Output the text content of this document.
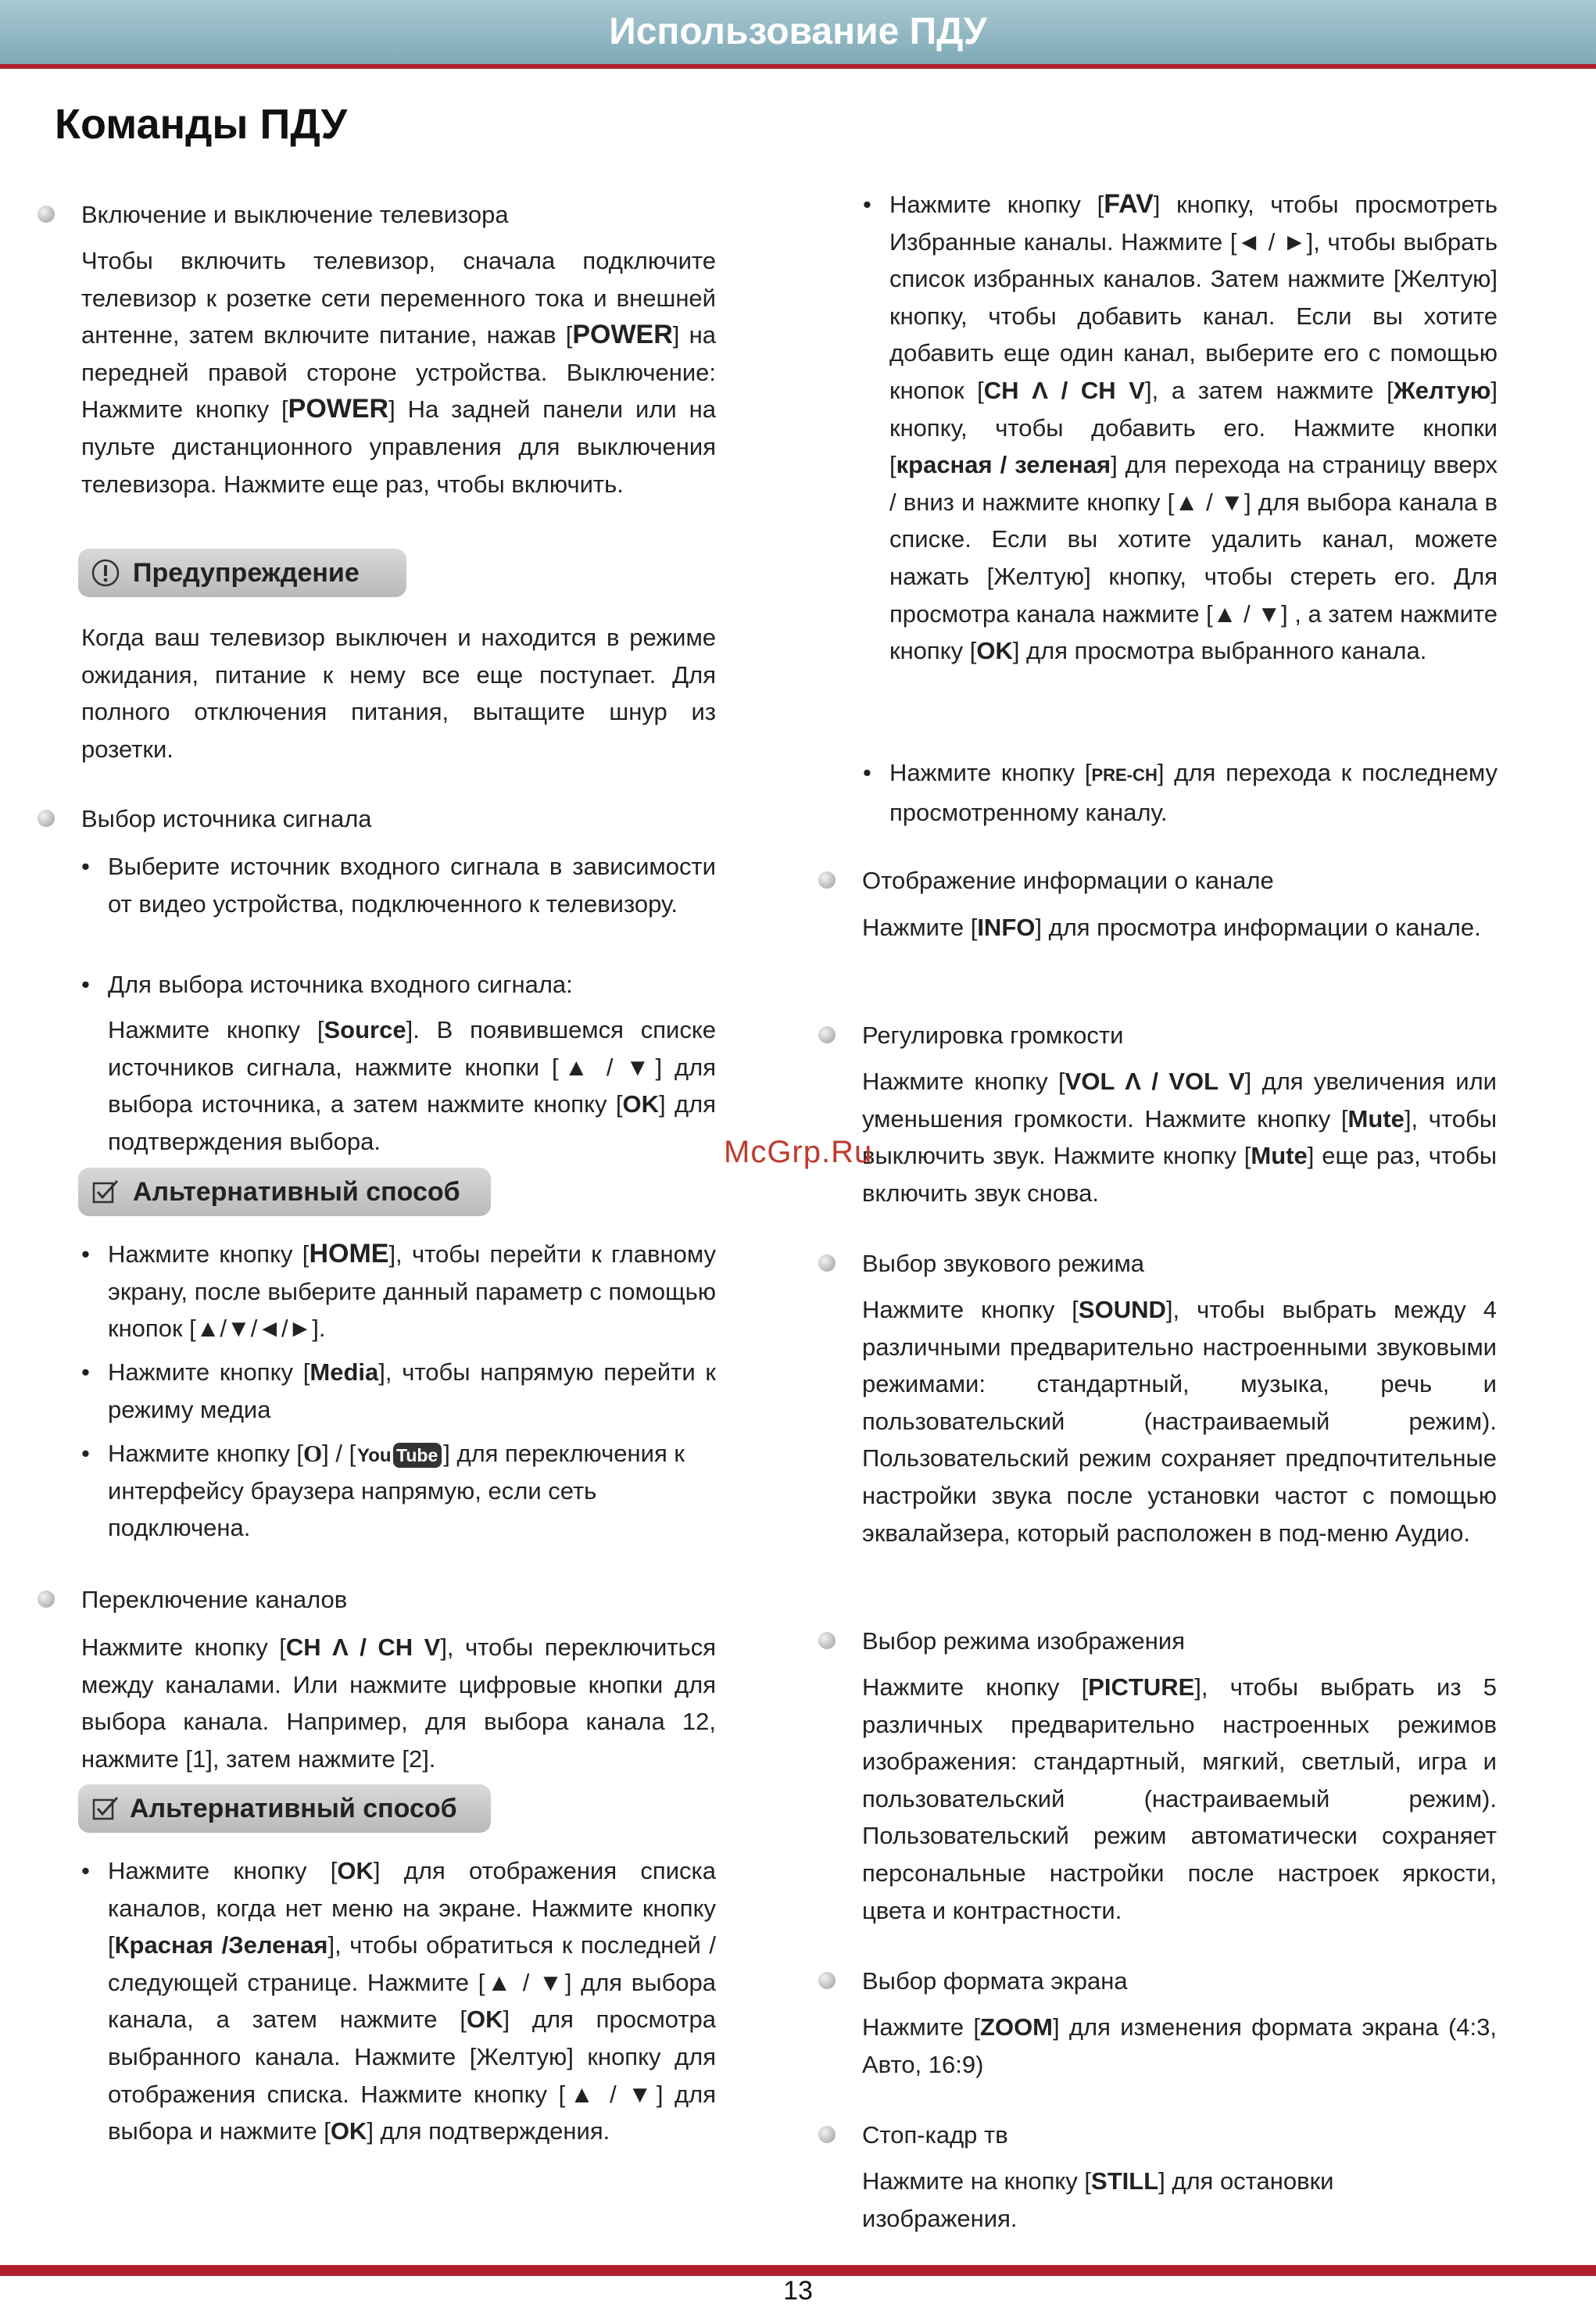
Использование ПДУ
Команды ПДУ
Включение и выключение телевизора
Чтобы включить телевизор, сначала подключите телевизор к розетке сети переменного тока и внешней антенне, затем включите питание, нажав [POWER] на передней правой стороне устройства. Выключение: Нажмите кнопку [POWER] На задней панели или на пульте дистанционного управления для выключения телевизора. Нажмите еще раз, чтобы включить.
Предупреждение
Когда ваш телевизор выключен и находится в режиме ожидания, питание к нему все еще поступает. Для полного отключения питания, вытащите шнур из розетки.
Выбор источника сигнала
• Выберите источник входного сигнала в зависимости от видео устройства, подключенного к телевизору.
• Для выбора источника входного сигнала:
Нажмите кнопку [Source]. В появившемся списке источников сигнала, нажмите кнопки [▲ / ▼] для выбора источника, а затем нажмите кнопку [OK] для подтверждения выбора.
Альтернативный способ
• Нажмите кнопку [HOME], чтобы перейти к главному экрану, после выберите данный параметр с помощью кнопок [▲/▼/◄/►].
• Нажмите кнопку [Media], чтобы напрямую перейти к режиму медиа
• Нажмите кнопку [O] / [ You Tube ] для переключения к интерфейсу браузера напрямую, если сеть подключена.
Переключение каналов
Нажмите кнопку [CH Λ / CH V], чтобы переключиться между каналами. Или нажмите цифровые кнопки для выбора канала. Например, для выбора канала 12, нажмите [1], затем нажмите [2].
Альтернативный способ
• Нажмите кнопку [OK] для отображения списка каналов, когда нет меню на экране. Нажмите кнопку [Красная /Зеленая], чтобы обратиться к последней / следующей странице. Нажмите [▲ / ▼] для выбора канала, а затем нажмите [OK] для просмотра выбранного канала. Нажмите [Желтую] кнопку для отображения списка. Нажмите кнопку [▲ / ▼] для выбора и нажмите [OK] для подтверждения.
• Нажмите кнопку [FAV] кнопку, чтобы просмотреть Избранные каналы. Нажмите [◄ / ►], чтобы выбрать список избранных каналов. Затем нажмите [Желтую] кнопку, чтобы добавить канал. Если вы хотите добавить еще один канал, выберите его с помощью кнопок [CH Λ / CH V], а затем нажмите [Желтую] кнопку, чтобы добавить его. Нажмите кнопки [красная / зеленая] для перехода на страницу вверх / вниз и нажмите кнопку [▲ / ▼] для выбора канала в списке. Если вы хотите удалить канал, можете нажать [Желтую] кнопку, чтобы стереть его. Для просмотра канала нажмите [▲ / ▼] , а затем нажмите кнопку [OK] для просмотра выбранного канала.
• Нажмите кнопку [PRE-CH] для перехода к последнему просмотренному каналу.
Отображение информации о канале
Нажмите [INFO] для просмотра информации о канале.
Регулировка громкости
Нажмите кнопку [VOL Λ / VOL V] для увеличения или уменьшения громкости. Нажмите кнопку [Mute], чтобы выключить звук. Нажмите кнопку [Mute] еще раз, чтобы включить звук снова.
McGrp.Ru
Выбор звукового режима
Нажмите кнопку [SOUND], чтобы выбрать между 4 различными предварительно настроенными звуковыми режимами: стандартный, музыка, речь и пользовательский (настраиваемый режим). Пользовательский режим сохраняет предпочтительные настройки звука после установки частот с помощью эквалайзера, который расположен в под-меню Аудио.
Выбор режима изображения
Нажмите кнопку [PICTURE], чтобы выбрать из 5 различных предварительно настроенных режимов изображения: стандартный, мягкий, светлый, игра и пользовательский (настраиваемый режим). Пользовательский режим автоматически сохраняет персональные настройки после настроек яркости, цвета и контрастности.
Выбор формата экрана
Нажмите [ZOOM] для изменения формата экрана (4:3, Авто, 16:9)
Стоп-кадр тв
Нажмите на кнопку [STILL] для остановки изображения.
13
